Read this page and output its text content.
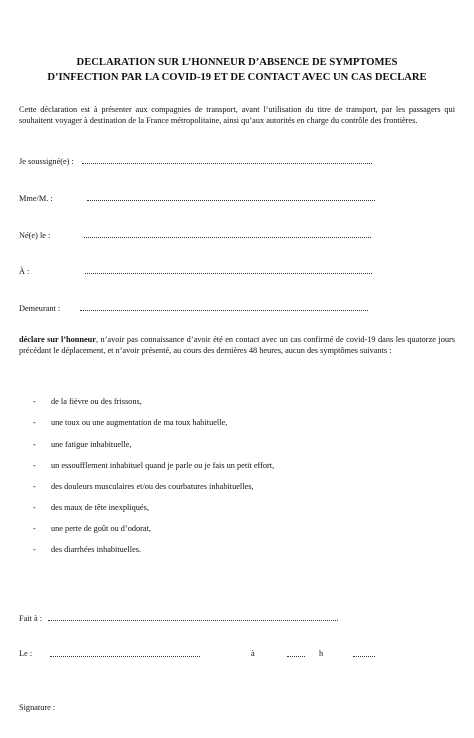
DECLARATION SUR L’HONNEUR D’ABSENCE DE SYMPTOMES
D’INFECTION PAR LA COVID-19 ET DE CONTACT AVEC UN CAS DECLARE
Cette déclaration est à présenter aux compagnies de transport, avant l’utilisation du titre de transport, par les passagers qui souhaitent voyager à destination de la France métropolitaine, ainsi qu’aux autorités en charge du contrôle des frontières.
Je soussigné(e) :
Mme/M. :
Né(e) le :
À :
Demeurant :
déclare sur l’honneur, n’avoir pas connaissance d’avoir été en contact avec un cas confirmé de covid-19 dans les quatorze jours précédant le déplacement, et n’avoir présenté, au cours des dernières 48 heures, aucun des symptômes suivants :
- de la fièvre ou des frissons,
- une toux ou une augmentation de ma toux habituelle,
- une fatigue inhabituelle,
- un essoufflement inhabituel quand je parle ou je fais un petit effort,
- des douleurs musculaires et/ou des courbatures inhabituelles,
- des maux de tête inexpliqués,
- une perte de goût ou d’odorat,
- des diarrhées inhabituelles.
Fait à :
Le :	à	h
Signature :
